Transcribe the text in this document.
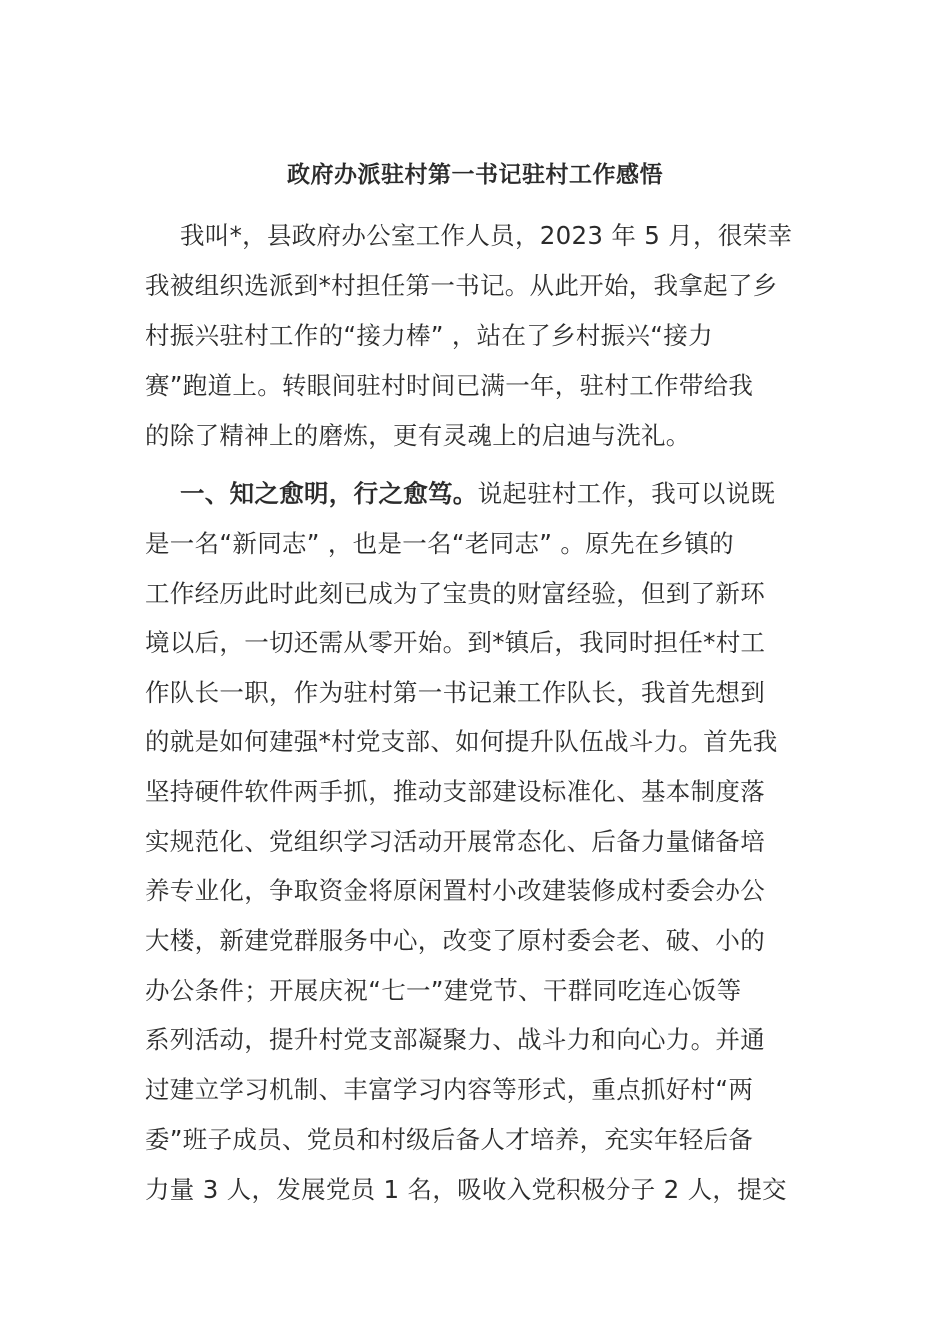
政府办派驻村第一书记驻村工作感悟
我叫*，县政府办公室工作人员，2023 年 5 月，很荣幸
我被组织选派到*村担任第一书记。从此开始，我拿起了乡
村振兴驻村工作的“接力棒” ，站在了乡村振兴“接力
赛”跑道上。转眼间驻村时间已满一年，驻村工作带给我
的除了精神上的磨炼，更有灵魂上的启迪与洗礼。
一、知之愈明，行之愈笃。说起驻村工作，我可以说既
是一名“新同志” ，也是一名“老同志” 。原先在乡镇的
工作经历此时此刻已成为了宝贵的财富经验，但到了新环
境以后，一切还需从零开始。到*镇后，我同时担任*村工
作队长一职，作为驻村第一书记兼工作队长，我首先想到
的就是如何建强*村党支部、如何提升队伍战斗力。首先我
坚持硬件软件两手抓，推动支部建设标准化、基本制度落
实规范化、党组织学习活动开展常态化、后备力量储备培
养专业化，争取资金将原闲置村小改建装修成村委会办公
大楼，新建党群服务中心，改变了原村委会老、破、小的
办公条件；开展庆祝“七一”建党节、干群同吃连心饭等
系列活动，提升村党支部凝聚力、战斗力和向心力。并通
过建立学习机制、丰富学习内容等形式，重点抓好村“两
委”班子成员、党员和村级后备人才培养，充实年轻后备
力量 3 人，发展党员 1 名，吸收入党积极分子 2 人，提交
